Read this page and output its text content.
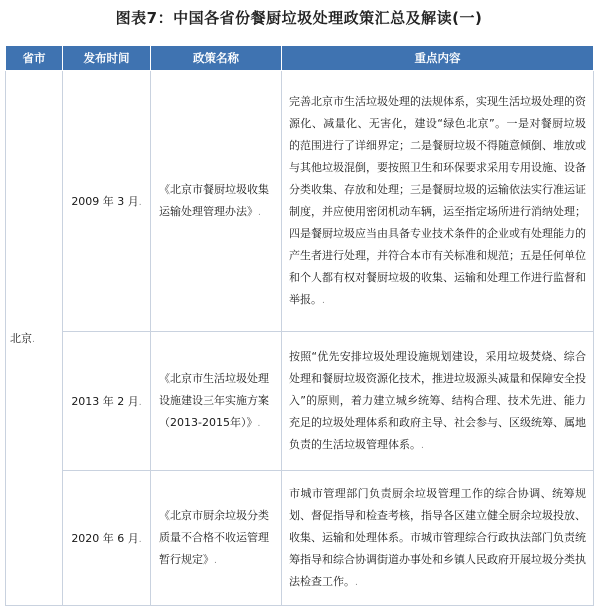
图表7：中国各省份餐厨垃圾处理政策汇总及解读(一)
省市	发布时间	政策名称	重点内容
北京.	2009 年 3 月.	《北京市餐厨垃圾收集运输处理管理办法》.	完善北京市生活垃圾处理的法规体系，实现生活垃圾处理的资源化、减量化、无害化，建设“绿色北京”。一是对餐厨垃圾的范围进行了详细界定；二是餐厨垃圾不得随意倾倒、堆放或与其他垃圾混倒，要按照卫生和环保要求采用专用设施、设备分类收集、存放和处理；三是餐厨垃圾的运输依法实行准运证制度，并应使用密闭机动车辆，运至指定场所进行消纳处理；四是餐厨垃圾应当由具备专业技术条件的企业或有处理能力的产生者进行处理，并符合本市有关标准和规范；五是任何单位和个人都有权对餐厨垃圾的收集、运输和处理工作进行监督和举报。.
	2013 年 2 月.	《北京市生活垃圾处理设施建设三年实施方案（2013-2015年）》.	按照“优先安排垃圾处理设施规划建设，采用垃圾焚烧、综合处理和餐厨垃圾资源化技术，推进垃圾源头减量和保障安全投入”的原则，着力建立城乡统筹、结构合理、技术先进、能力充足的垃圾处理体系和政府主导、社会参与、区级统筹、属地负责的生活垃圾管理体系。.
	2020 年 6 月.	《北京市厨余垃圾分类质量不合格不收运管理暂行规定》.	市城市管理部门负责厨余垃圾管理工作的综合协调、统筹规划、督促指导和检查考核，指导各区建立健全厨余垃圾投放、收集、运输和处理体系。市城市管理综合行政执法部门负责统筹指导和综合协调街道办事处和乡镇人民政府开展垃圾分类执法检查工作。.
